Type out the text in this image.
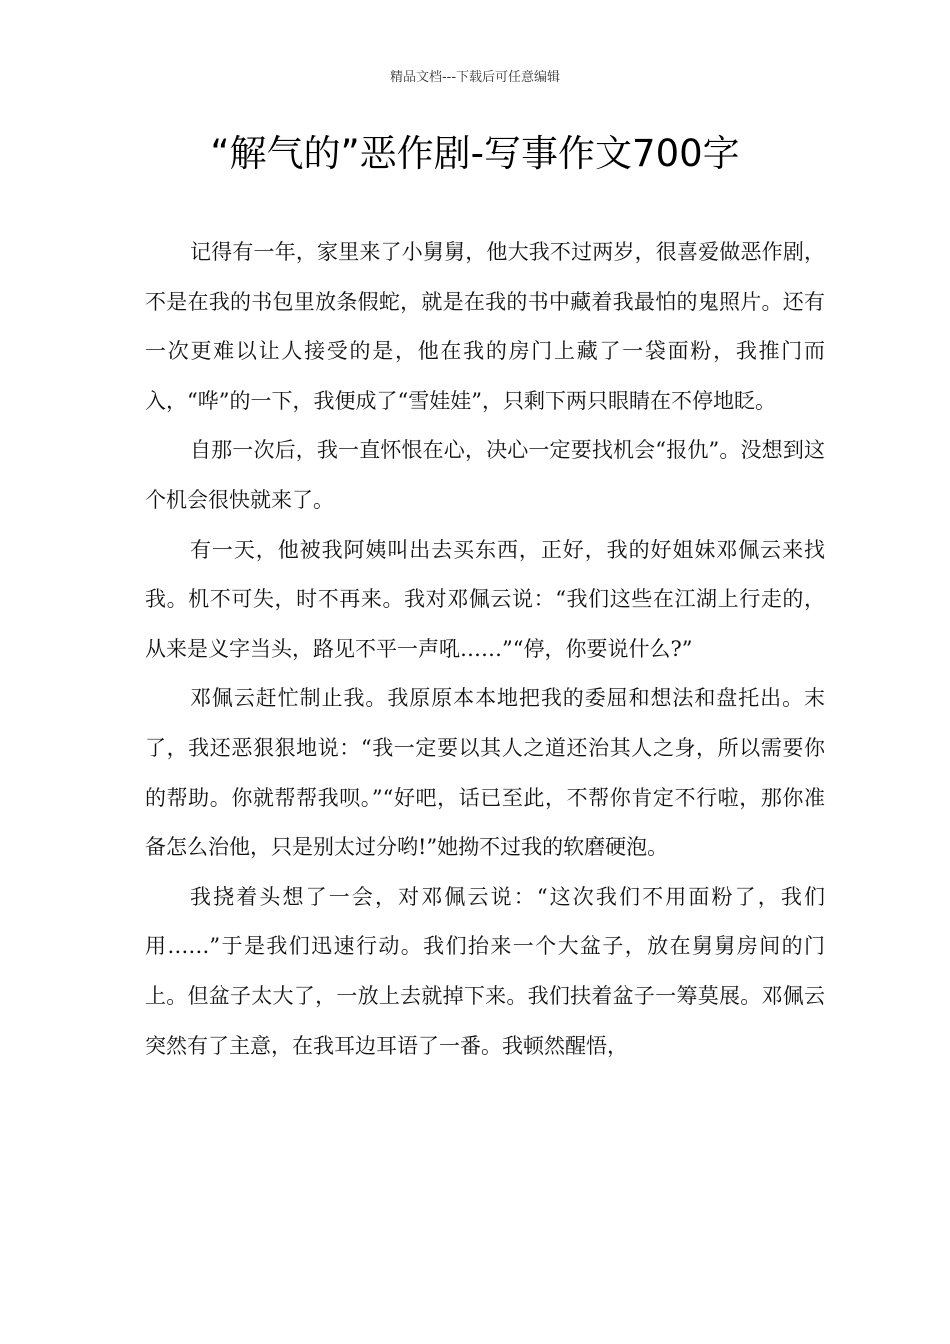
精品文档---下载后可任意编辑
“解气的”恶作剧-写事作文700字

记得有一年，家里来了小舅舅，他大我不过两岁，很喜爱做恶作剧，不是在我的书包里放条假蛇，就是在我的书中藏着我最怕的鬼照片。还有一次更难以让人接受的是，他在我的房门上藏了一袋面粉，我推门而入，“哗”的一下，我便成了“雪娃娃”，只剩下两只眼睛在不停地眨。

自那一次后，我一直怀恨在心，决心一定要找机会“报仇”。没想到这个机会很快就来了。

有一天，他被我阿姨叫出去买东西，正好，我的好姐妹邓佩云来找我。机不可失，时不再来。我对邓佩云说：“我们这些在江湖上行走的，从来是义字当头，路见不平一声吼……”“停，你要说什么?”

邓佩云赶忙制止我。我原原本本地把我的委屈和想法和盘托出。末了，我还恶狠狠地说：“我一定要以其人之道还治其人之身，所以需要你的帮助。你就帮帮我呗。”“好吧，话已至此，不帮你肯定不行啦，那你准备怎么治他，只是别太过分哟!”她拗不过我的软磨硬泡。

我挠着头想了一会，对邓佩云说：“这次我们不用面粉了，我们用……”于是我们迅速行动。我们抬来一个大盆子，放在舅舅房间的门上。但盆子太大了，一放上去就掉下来。我们扶着盆子一筹莫展。邓佩云突然有了主意，在我耳边耳语了一番。我顿然醒悟，
